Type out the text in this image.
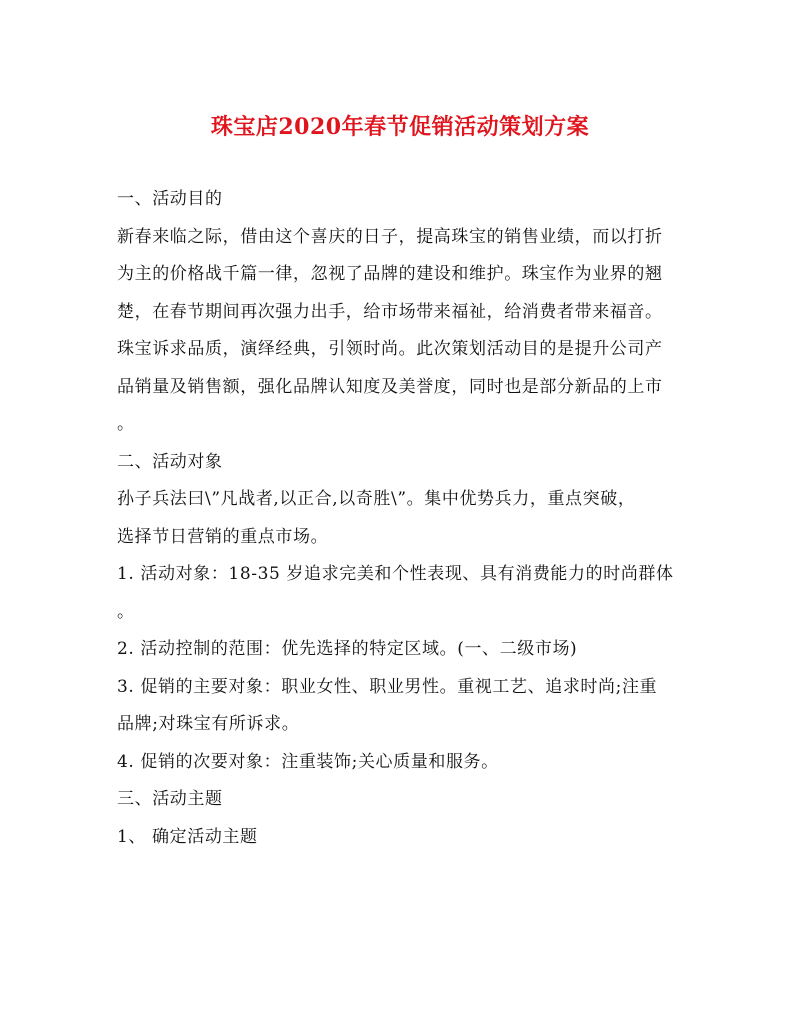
珠宝店2020年春节促销活动策划方案
一、活动目的
新春来临之际，借由这个喜庆的日子，提高珠宝的销售业绩，而以打折
为主的价格战千篇一律，忽视了品牌的建设和维护。珠宝作为业界的翘
楚，在春节期间再次强力出手，给市场带来福祉，给消费者带来福音。
珠宝诉求品质，演绎经典，引领时尚。此次策划活动目的是提升公司产
品销量及销售额，强化品牌认知度及美誉度，同时也是部分新品的上市
。
二、活动对象
孙子兵法曰\”凡战者,以正合,以奇胜\”。集中优势兵力，重点突破，
选择节日营销的重点市场。
1. 活动对象：18-35 岁追求完美和个性表现、具有消费能力的时尚群体
。
2. 活动控制的范围：优先选择的特定区域。(一、二级市场)
3. 促销的主要对象：职业女性、职业男性。重视工艺、追求时尚;注重
品牌;对珠宝有所诉求。
4. 促销的次要对象：注重装饰;关心质量和服务。
三、活动主题
1、 确定活动主题
